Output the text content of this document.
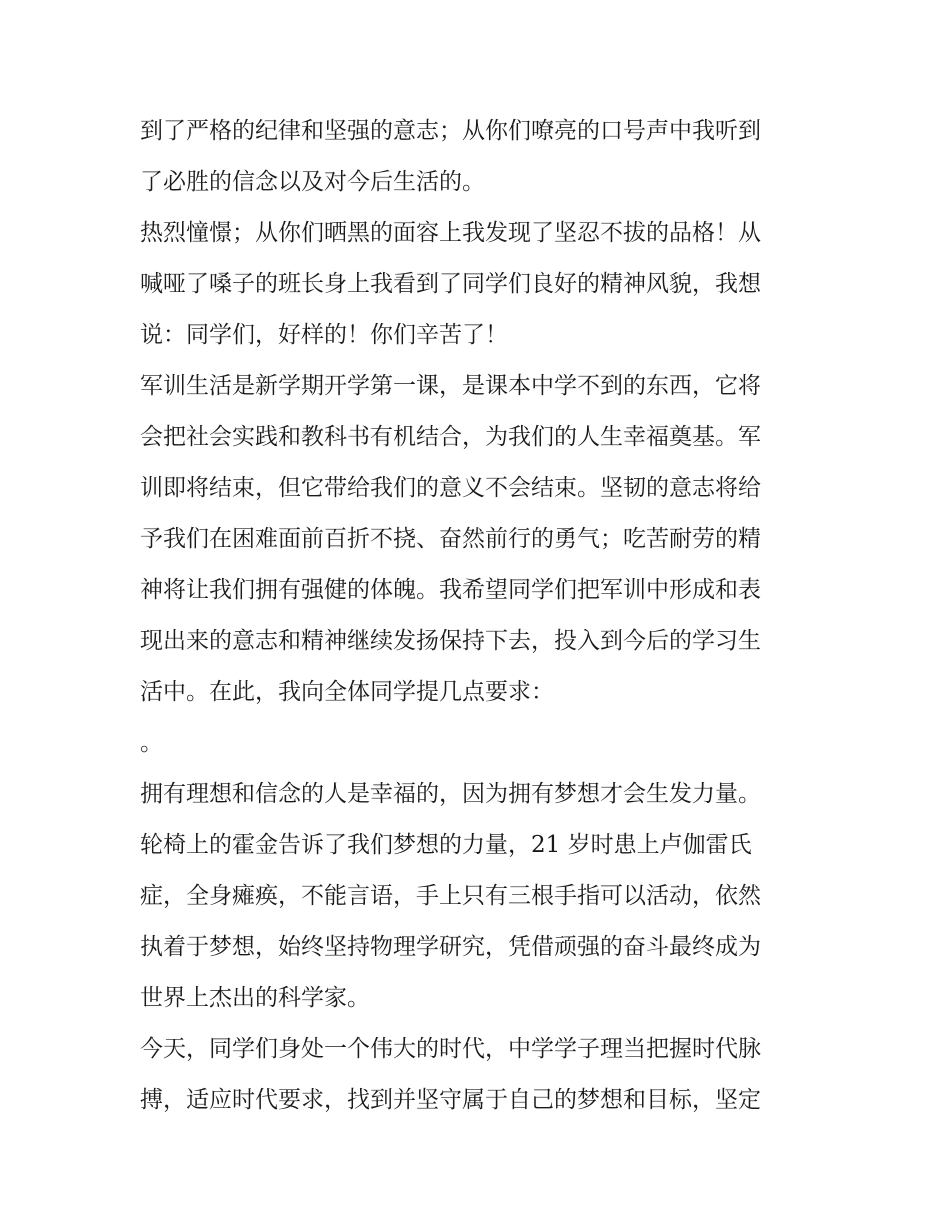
到了严格的纪律和坚强的意志；从你们嘹亮的口号声中我听到
了必胜的信念以及对今后生活的。
热烈憧憬；从你们晒黑的面容上我发现了坚忍不拔的品格！从
喊哑了嗓子的班长身上我看到了同学们良好的精神风貌，我想
说：同学们，好样的！你们辛苦了！
军训生活是新学期开学第一课，是课本中学不到的东西，它将
会把社会实践和教科书有机结合，为我们的人生幸福奠基。军
训即将结束，但它带给我们的意义不会结束。坚韧的意志将给
予我们在困难面前百折不挠、奋然前行的勇气；吃苦耐劳的精
神将让我们拥有强健的体魄。我希望同学们把军训中形成和表
现出来的意志和精神继续发扬保持下去，投入到今后的学习生
活中。在此，我向全体同学提几点要求：
。
拥有理想和信念的人是幸福的，因为拥有梦想才会生发力量。
轮椅上的霍金告诉了我们梦想的力量，21 岁时患上卢伽雷氏
症，全身瘫痪，不能言语，手上只有三根手指可以活动，依然
执着于梦想，始终坚持物理学研究，凭借顽强的奋斗最终成为
世界上杰出的科学家。
今天，同学们身处一个伟大的时代，中学学子理当把握时代脉
搏，适应时代要求，找到并坚守属于自己的梦想和目标，坚定
